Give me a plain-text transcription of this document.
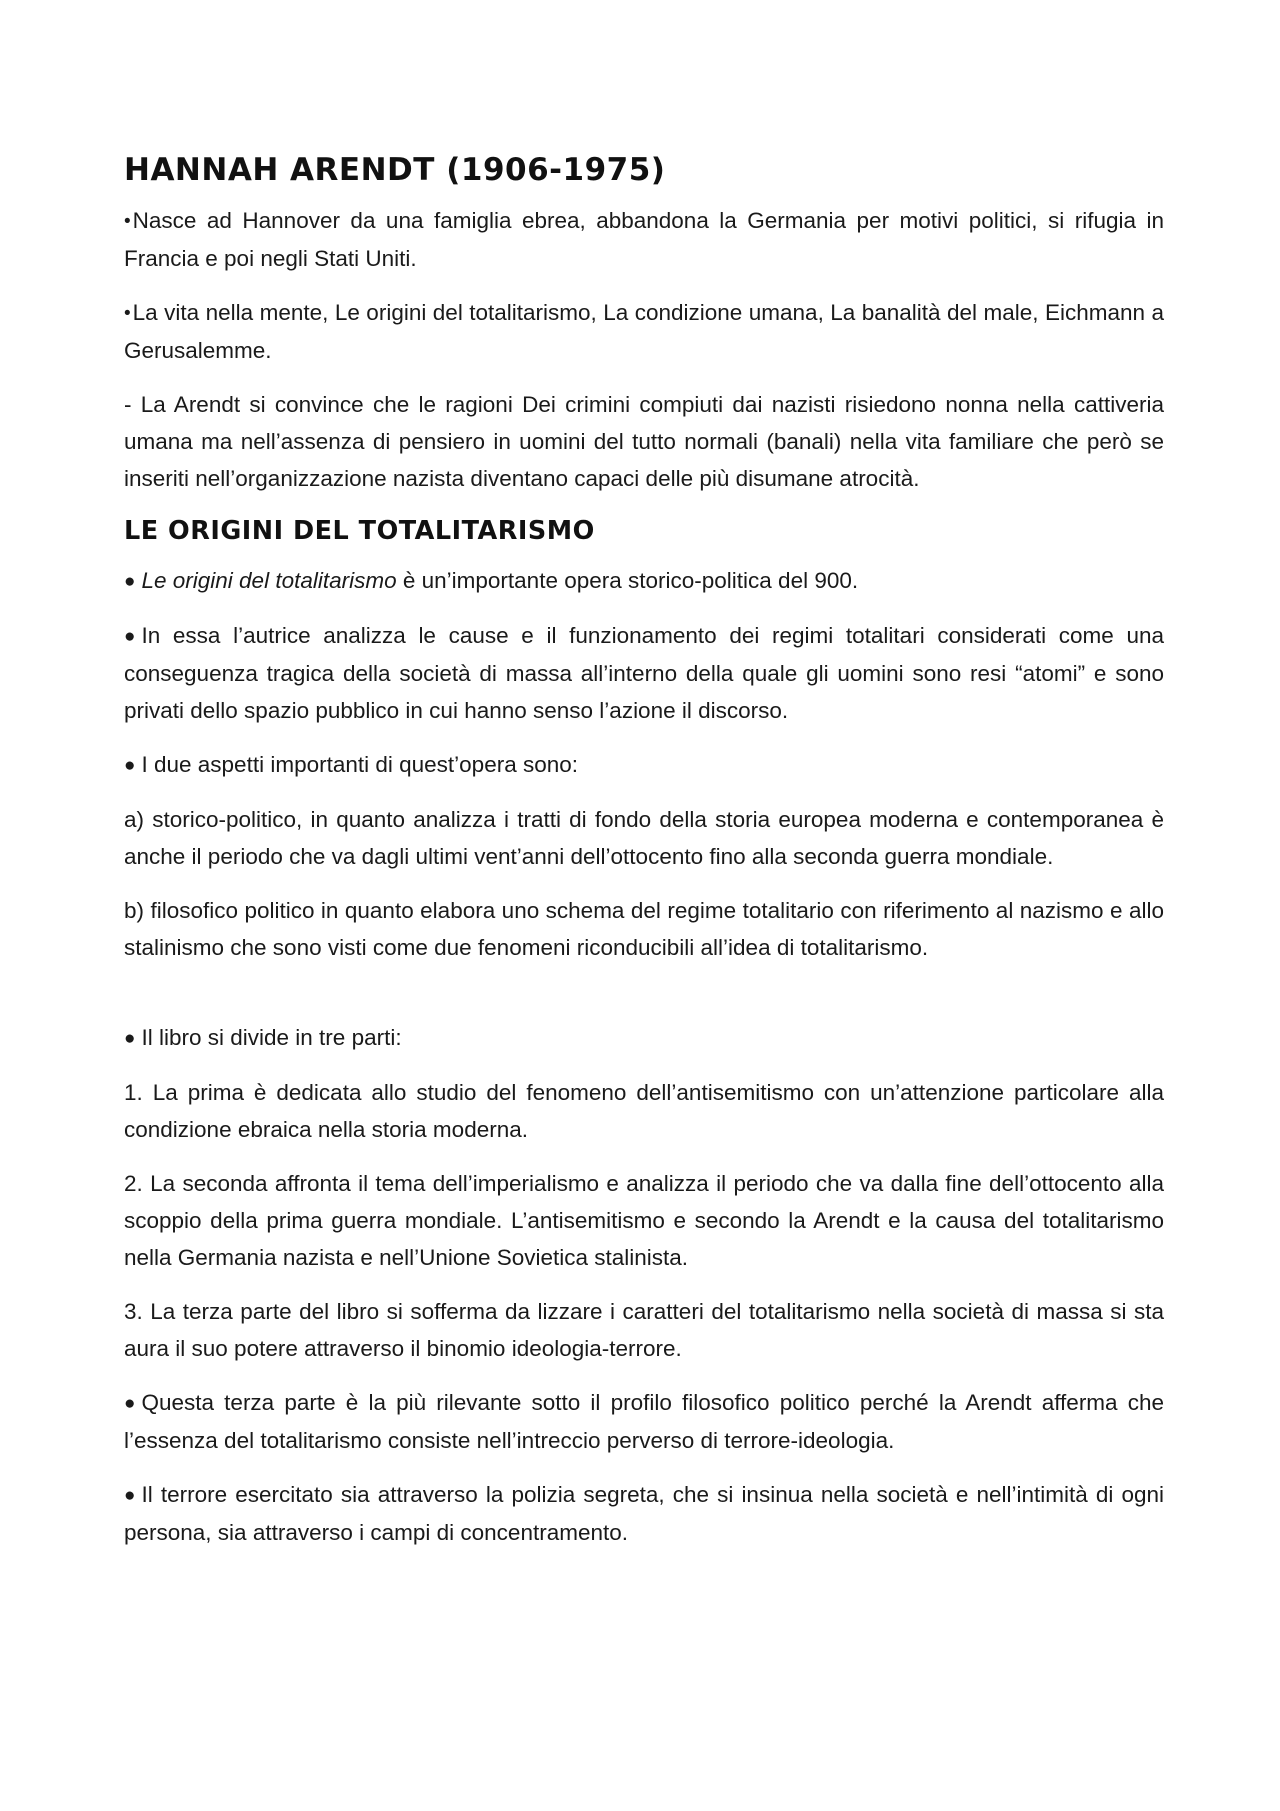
HANNAH ARENDT (1906-1975)

•Nasce ad Hannover da una famiglia ebrea, abbandona la Germania per motivi politici, si rifugia in Francia e poi negli Stati Uniti.

•La vita nella mente, Le origini del totalitarismo, La condizione umana, La banalità del male, Eichmann a Gerusalemme.

- La Arendt si convince che le ragioni Dei crimini compiuti dai nazisti risiedono nonna nella cattiveria umana ma nell’assenza di pensiero in uomini del tutto normali (banali) nella vita familiare che però se inseriti nell’organizzazione nazista diventano capaci delle più disumane atrocità.

LE ORIGINI DEL TOTALITARISMO

● Le origini del totalitarismo è un’importante opera storico-politica del 900.

● In essa l’autrice analizza le cause e il funzionamento dei regimi totalitari considerati come una conseguenza tragica della società di massa all’interno della quale gli uomini sono resi “atomi” e sono privati dello spazio pubblico in cui hanno senso l’azione il discorso.

● I due aspetti importanti di quest’opera sono:

a) storico-politico, in quanto analizza i tratti di fondo della storia europea moderna e contemporanea è anche il periodo che va dagli ultimi vent’anni dell’ottocento fino alla seconda guerra mondiale.

b) filosofico politico in quanto elabora uno schema del regime totalitario con riferimento al nazismo e allo stalinismo che sono visti come due fenomeni riconducibili all’idea di totalitarismo.

● Il libro si divide in tre parti:

1. La prima è dedicata allo studio del fenomeno dell’antisemitismo con un’attenzione particolare alla condizione ebraica nella storia moderna.

2. La seconda affronta il tema dell’imperialismo e analizza il periodo che va dalla fine dell’ottocento alla scoppio della prima guerra mondiale. L’antisemitismo e secondo la Arendt e la causa del totalitarismo nella Germania nazista e nell’Unione Sovietica stalinista.

3. La terza parte del libro si sofferma da lizzare i caratteri del totalitarismo nella società di massa si sta aura il suo potere attraverso il binomio ideologia-terrore.

● Questa terza parte è la più rilevante sotto il profilo filosofico politico perché la Arendt afferma che l’essenza del totalitarismo consiste nell’intreccio perverso di terrore-ideologia.

● Il terrore esercitato sia attraverso la polizia segreta, che si insinua nella società e nell’intimità di ogni persona, sia attraverso i campi di concentramento.
